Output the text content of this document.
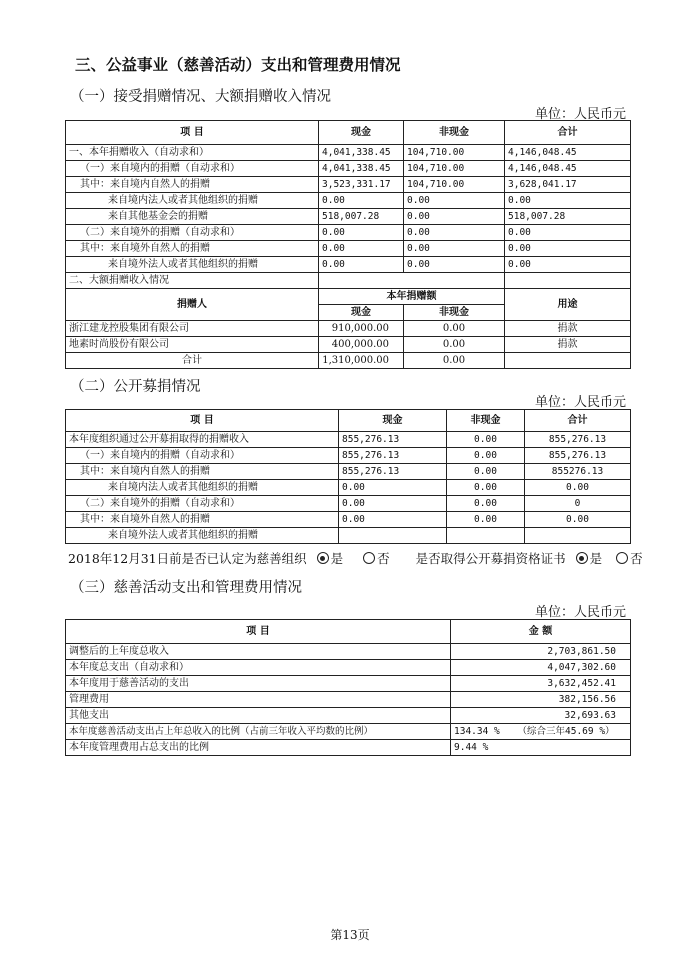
三、公益事业（慈善活动）支出和管理费用情况
（一）接受捐赠情况、大额捐赠收入情况
单位：人民币元
项 目	现金	非现金	合计
一、本年捐赠收入（自动求和）	4,041,338.45	104,710.00	4,146,048.45
（一）来自境内的捐赠（自动求和）	4,041,338.45	104,710.00	4,146,048.45
其中：来自境内自然人的捐赠	3,523,331.17	104,710.00	3,628,041.17
来自境内法人或者其他组织的捐赠	0.00	0.00	0.00
来自其他基金会的捐赠	518,007.28	0.00	518,007.28
（二）来自境外的捐赠（自动求和）	0.00	0.00	0.00
其中：来自境外自然人的捐赠	0.00	0.00	0.00
来自境外法人或者其他组织的捐赠	0.00	0.00	0.00
二、大额捐赠收入情况			
捐赠人	本年捐赠额		用途
	现金	非现金	
浙江建龙控股集团有限公司	910,000.00	0.00	捐款
地素时尚股份有限公司	400,000.00	0.00	捐款
合计	1,310,000.00	0.00	
（二）公开募捐情况
单位：人民币元
项 目	现金	非现金	合计
本年度组织通过公开募捐取得的捐赠收入	855,276.13	0.00	855,276.13
（一）来自境内的捐赠（自动求和）	855,276.13	0.00	855,276.13
其中：来自境内自然人的捐赠	855,276.13	0.00	855276.13
来自境内法人或者其他组织的捐赠	0.00	0.00	0.00
（二）来自境外的捐赠（自动求和）	0.00	0.00	0
其中：来自境外自然人的捐赠	0.00	0.00	0.00
来自境外法人或者其他组织的捐赠			
2018年12月31日前是否已认定为慈善组织 是	否 是否取得公开募捐资格证书 是 否
（三）慈善活动支出和管理费用情况
单位：人民币元
项 目	金 额
调整后的上年度总收入	2,703,861.50
本年度总支出（自动求和）	4,047,302.60
本年度用于慈善活动的支出	3,632,452.41
管理费用	382,156.56
其他支出	32,693.63
本年度慈善活动支出占上年总收入的比例（占前三年收入平均数的比例）	134.34 % （综合三年45.69 %）
本年度管理费用占总支出的比例	9.44 %
第13页
